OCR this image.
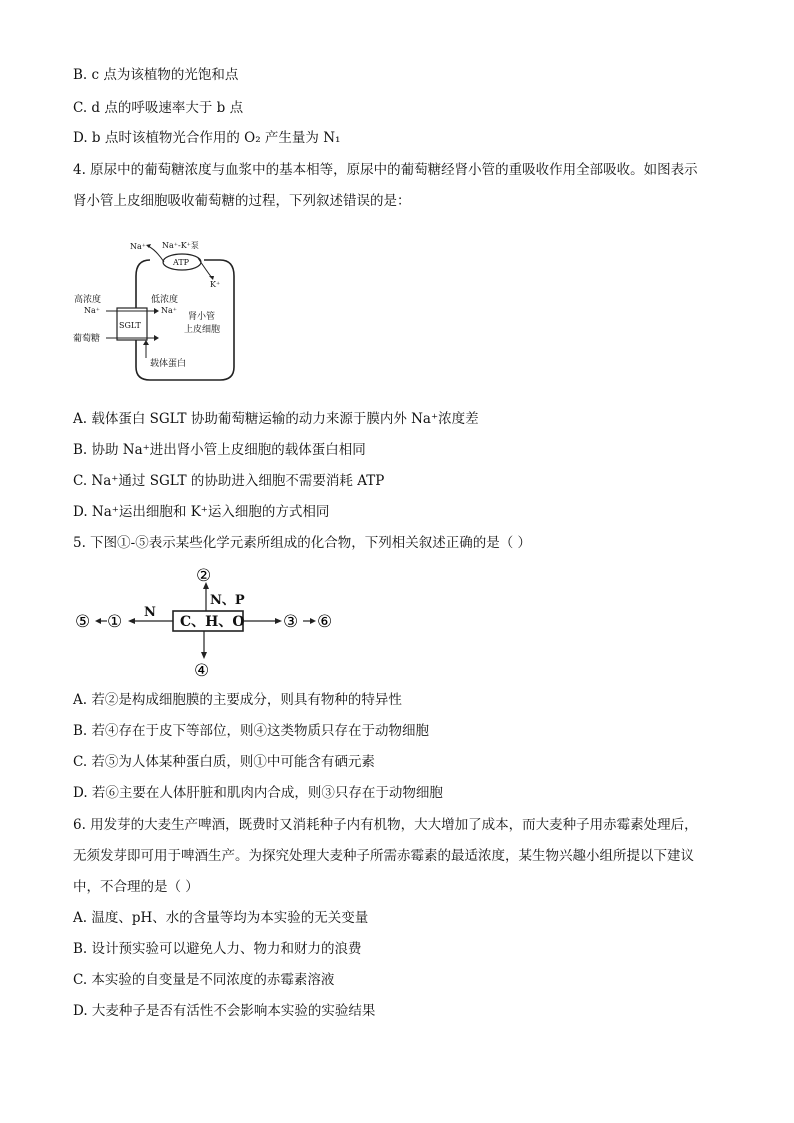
B. c 点为该植物的光饱和点
C. d 点的呼吸速率大于 b 点
D. b 点时该植物光合作用的 O₂ 产生量为 N₁
4. 原尿中的葡萄糖浓度与血浆中的基本相等，原尿中的葡萄糖经肾小管的重吸收作用全部吸收。如图表示
肾小管上皮细胞吸收葡萄糖的过程，下列叙述错误的是：
ATP
Na⁺ Na⁺-K⁺泵
K⁺
SGLT
高浓度
Na⁺
葡萄糖
低浓度
Na⁺
肾小管
上皮细胞
载体蛋白
A. 载体蛋白 SGLT 协助葡萄糖运输的动力来源于膜内外 Na⁺浓度差
B. 协助 Na⁺进出肾小管上皮细胞的载体蛋白相同
C. Na⁺通过 SGLT 的协助进入细胞不需要消耗 ATP
D. Na⁺运出细胞和 K⁺运入细胞的方式相同
5. 下图①-⑤表示某些化学元素所组成的化合物，下列相关叙述正确的是（ ）
C、H、O
②
N、P
④
N
①
⑤	③ ⑥
A. 若②是构成细胞膜的主要成分，则具有物种的特异性
B. 若④存在于皮下等部位，则④这类物质只存在于动物细胞
C. 若⑤为人体某种蛋白质，则①中可能含有硒元素
D. 若⑥主要在人体肝脏和肌肉内合成，则③只存在于动物细胞
6. 用发芽的大麦生产啤酒，既费时又消耗种子内有机物，大大增加了成本，而大麦种子用赤霉素处理后，
无须发芽即可用于啤酒生产。为探究处理大麦种子所需赤霉素的最适浓度，某生物兴趣小组所提以下建议
中，不合理的是（ ）
A. 温度、pH、水的含量等均为本实验的无关变量
B. 设计预实验可以避免人力、物力和财力的浪费
C. 本实验的自变量是不同浓度的赤霉素溶液
D. 大麦种子是否有活性不会影响本实验的实验结果
